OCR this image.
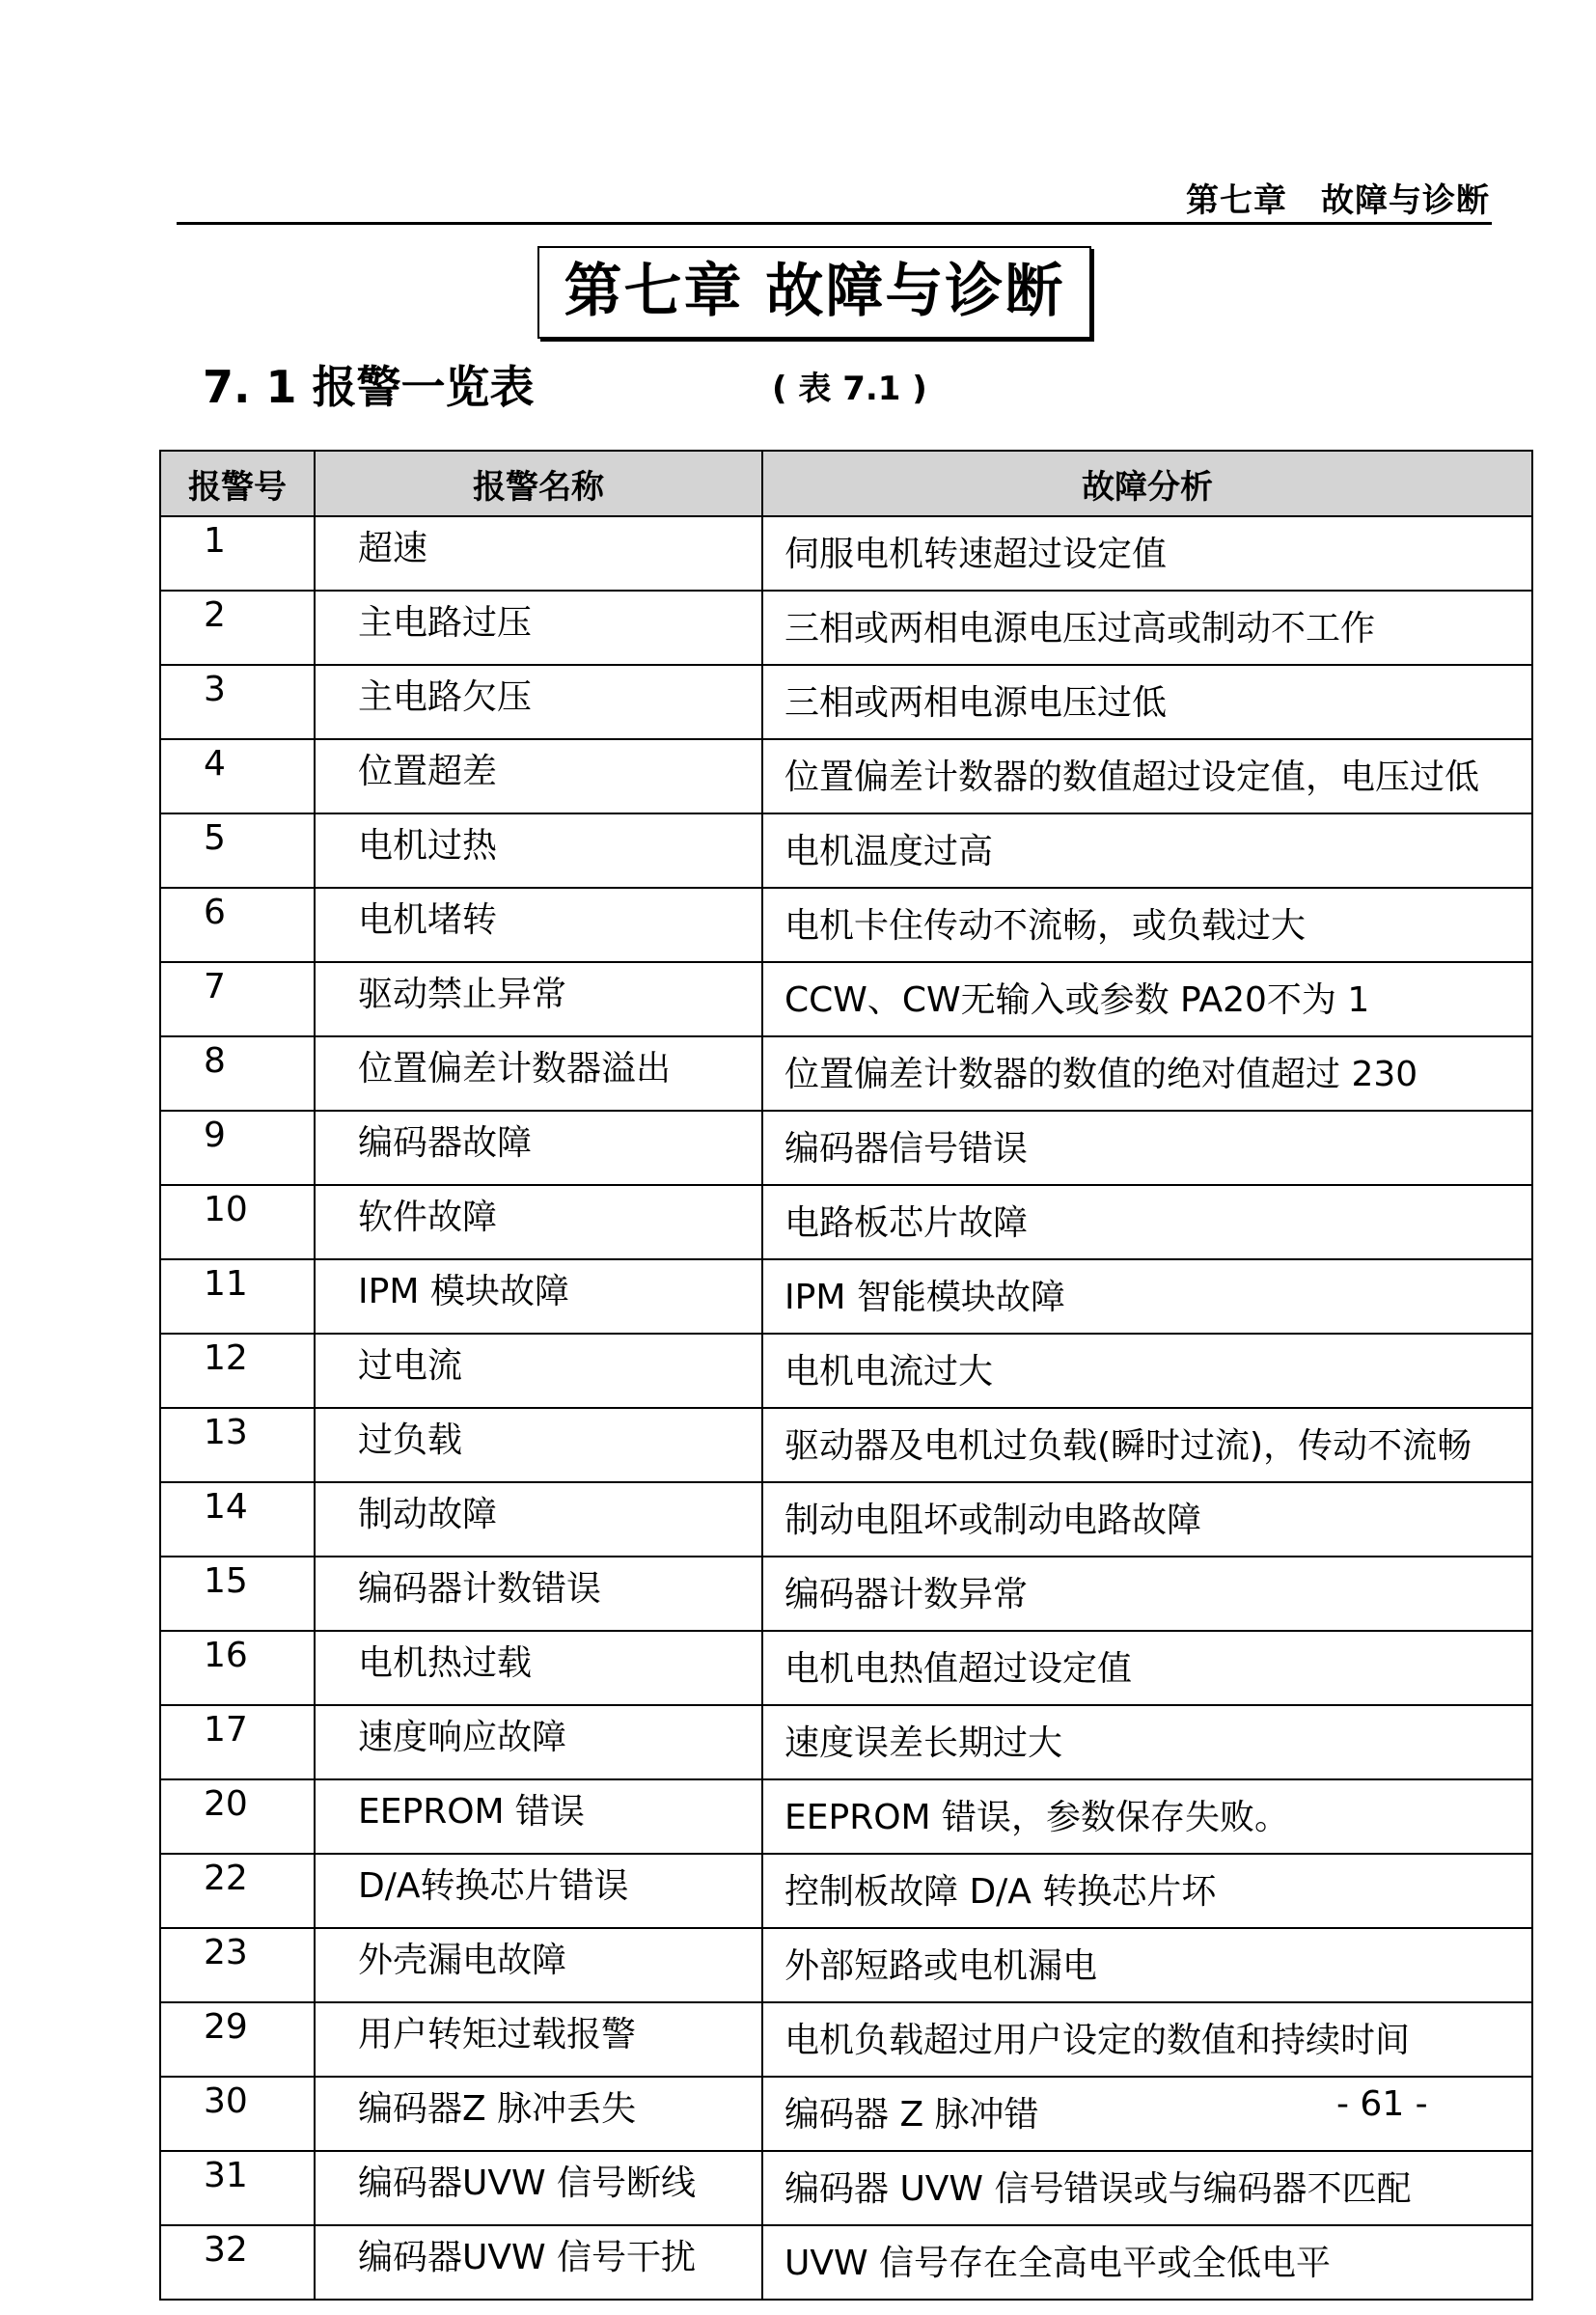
第七章　故障与诊断
第七章 故障与诊断
7. 1 报警一览表	( 表 7.1 )
报警号	报警名称	故障分析
1	超速	伺服电机转速超过设定值
2	主电路过压	三相或两相电源电压过高或制动不工作
3	主电路欠压	三相或两相电源电压过低
4	位置超差	位置偏差计数器的数值超过设定值，电压过低
5	电机过热	电机温度过高
6	电机堵转	电机卡住传动不流畅，或负载过大
7	驱动禁止异常	CCW、CW无输入或参数 PA20不为 1
8	位置偏差计数器溢出	位置偏差计数器的数值的绝对值超过 230
9	编码器故障	编码器信号错误
10	软件故障	电路板芯片故障
11	IPM 模块故障	IPM 智能模块故障
12	过电流	电机电流过大
13	过负载	驱动器及电机过负载(瞬时过流)，传动不流畅
14	制动故障	制动电阻坏或制动电路故障
15	编码器计数错误	编码器计数异常
16	电机热过载	电机电热值超过设定值
17	速度响应故障	速度误差长期过大
20	EEPROM 错误	EEPROM 错误，参数保存失败。
22	D/A转换芯片错误	控制板故障 D/A 转换芯片坏
23	外壳漏电故障	外部短路或电机漏电
29	用户转矩过载报警	电机负载超过用户设定的数值和持续时间
30	编码器Z 脉冲丢失	编码器 Z 脉冲错
31	编码器UVW 信号断线	编码器 UVW 信号错误或与编码器不匹配
32	编码器UVW 信号干扰	UVW 信号存在全高电平或全低电平
- 61 -
